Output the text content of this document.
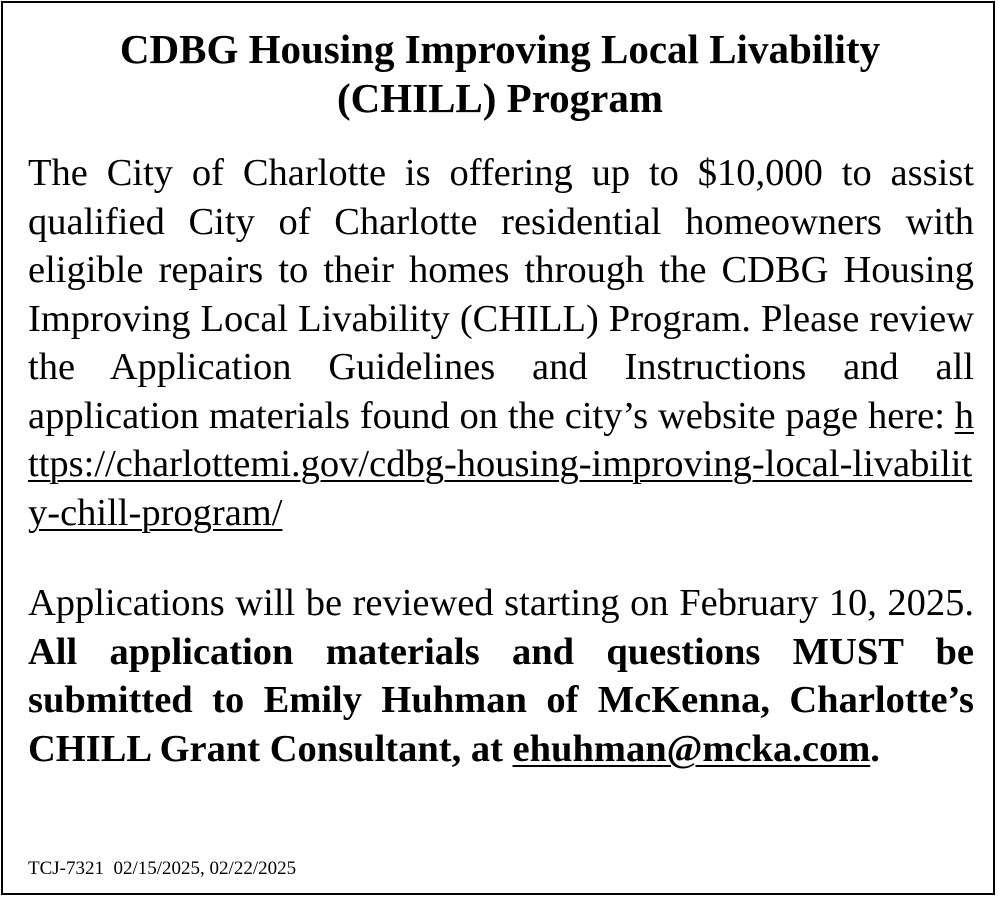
CDBG Housing Improving Local Livability
(CHILL) Program

The City of Charlotte is offering up to $10,000 to assist qualified City of Charlotte residential homeowners with eligible repairs to their homes through the CDBG Housing Improving Local Livability (CHILL) Program. Please review the Application Guidelines and Instructions and all application materials found on the city’s website page here: https://charlottemi.gov/cdbg-housing-improving-local-livability-chill-program/

Applications will be reviewed starting on February 10, 2025. All application materials and questions MUST be submitted to Emily Huhman of McKenna, Charlotte’s CHILL Grant Consultant, at ehuhman@mcka.com.

TCJ-7321 02/15/2025, 02/22/2025
